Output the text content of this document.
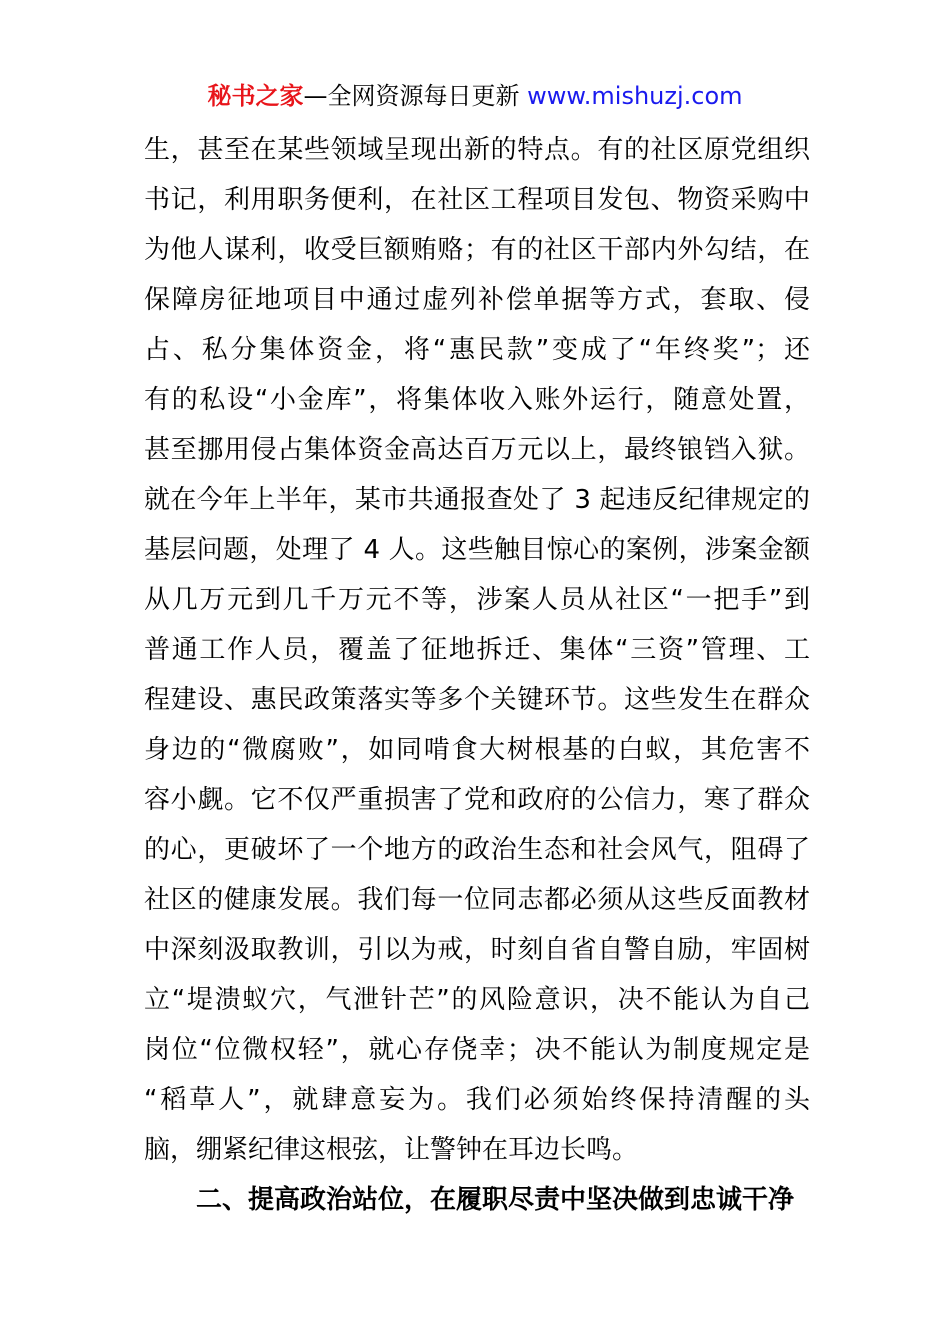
秘书之家—全网资源每日更新 www.mishuzj.com
生，甚至在某些领域呈现出新的特点。有的社区原党组织
书记，利用职务便利，在社区工程项目发包、物资采购中
为他人谋利，收受巨额贿赂；有的社区干部内外勾结，在
保障房征地项目中通过虚列补偿单据等方式，套取、侵
占、私分集体资金，将“惠民款”变成了“年终奖”；还
有的私设“小金库”，将集体收入账外运行，随意处置，
甚至挪用侵占集体资金高达百万元以上，最终锒铛入狱。
就在今年上半年，某市共通报查处了 3 起违反纪律规定的
基层问题，处理了 4 人。这些触目惊心的案例，涉案金额
从几万元到几千万元不等，涉案人员从社区“一把手”到
普通工作人员，覆盖了征地拆迁、集体“三资”管理、工
程建设、惠民政策落实等多个关键环节。这些发生在群众
身边的“微腐败”，如同啃食大树根基的白蚁，其危害不
容小觑。它不仅严重损害了党和政府的公信力，寒了群众
的心，更破坏了一个地方的政治生态和社会风气，阻碍了
社区的健康发展。我们每一位同志都必须从这些反面教材
中深刻汲取教训，引以为戒，时刻自省自警自励，牢固树
立“堤溃蚁穴，气泄针芒”的风险意识，决不能认为自己
岗位“位微权轻”，就心存侥幸；决不能认为制度规定是
“稻草人”，就肆意妄为。我们必须始终保持清醒的头
脑，绷紧纪律这根弦，让警钟在耳边长鸣。
二、提高政治站位，在履职尽责中坚决做到忠诚干净
